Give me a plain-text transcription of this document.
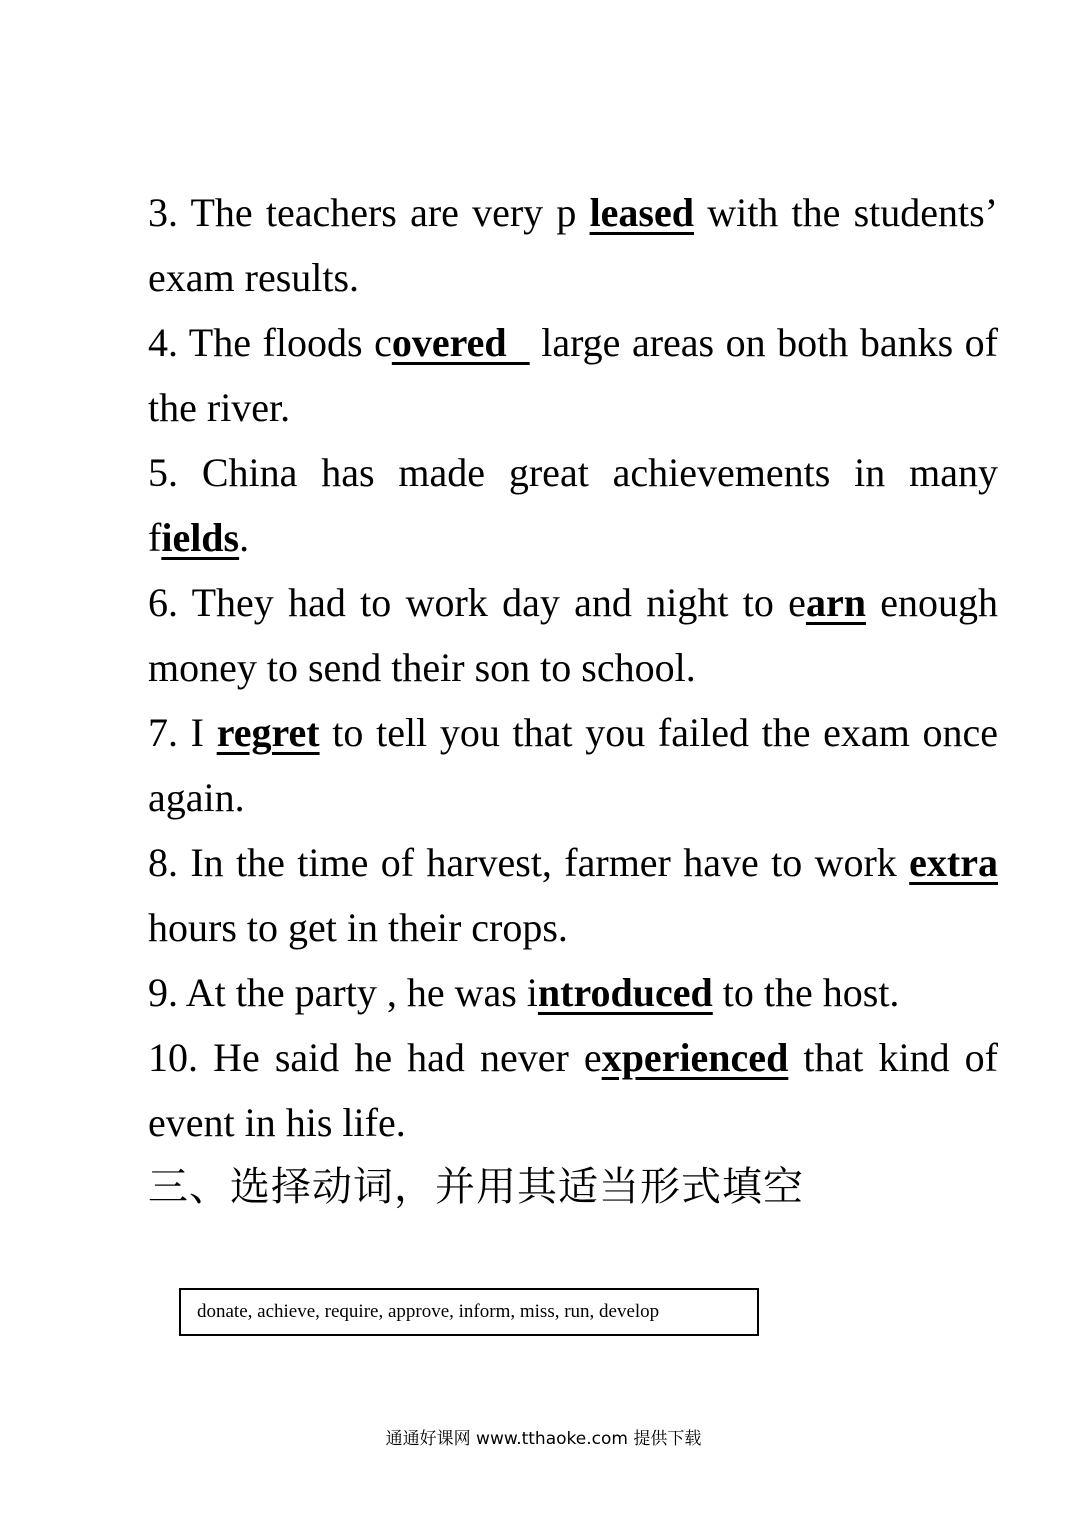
3. The teachers are very p leased with the students’ exam results.

4. The floods covered   large areas on both banks of the river.

5. China has made great achievements in many fields.

6. They had to work day and night to earn enough money to send their son to school.

7. I regret to tell you that you failed the exam once again.

8. In the time of harvest, farmer have to work extra hours to get in their crops.

9. At the party , he was introduced to the host.

10. He said he had never experienced that kind of event in his life.

三、选择动词，并用其适当形式填空

donate, achieve, require, approve, inform, miss, run, develop
通通好课网 www.tthaoke.com 提供下载
